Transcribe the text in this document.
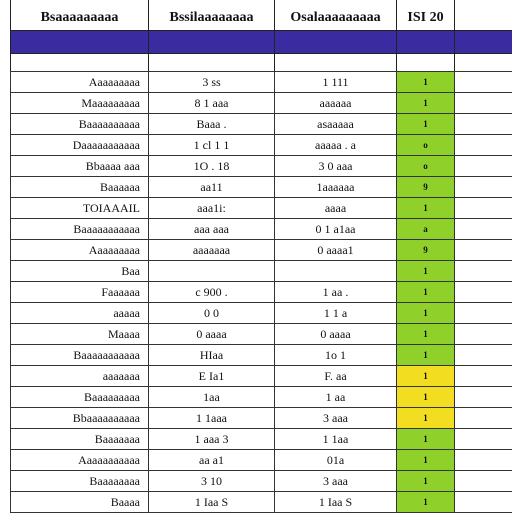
Bsaaaaaaaaa	Bssilaaaaaaaa	Osalaaaaaaaaa	ISI 20	

Aaaaaaaaa	3 ss	1 111	1	
Maaaaaaaaa	8 1 aaa	aaaaaa	1	
Baaaaaaaaaa	Baaa .	asaaaaa	1	
Daaaaaaaaaaa	1 cl 1 1	aaaaa . a	o	
Bbaaaa aaa	1O . 18	3 0 aaa	o	
Baaaaaa	aa11	1aaaaaa	9	
TOIAAAIL	aaa1i:	aaaa	1	
Baaaaaaaaaaa	aaa aaa	0 1 a1aa	a	
Aaaaaaaaa	aaaaaaa	0 aaaa1	9	
Baa			1	
Faaaaaa	c 900 .	1 aa .	1	
aaaaa	0 0	1 1 a	1	
Maaaa	0 aaaa	0 aaaa	1	
Baaaaaaaaaaa	HIaa	1o 1	1	
aaaaaaa	E Ia1	F. aa	1	
Baaaaaaaaa	1aa	1 aa	1	
Bbaaaaaaaaaa	1 1aaa	3 aaa	1	
Baaaaaaa	1 aaa 3	1 1aa	1	
Aaaaaaaaaaa	aa a1	01a	1	
Baaaaaaaa	3 10	3 aaa	1	
Baaaa	1 Iaa S	1 Iaa S	1	
